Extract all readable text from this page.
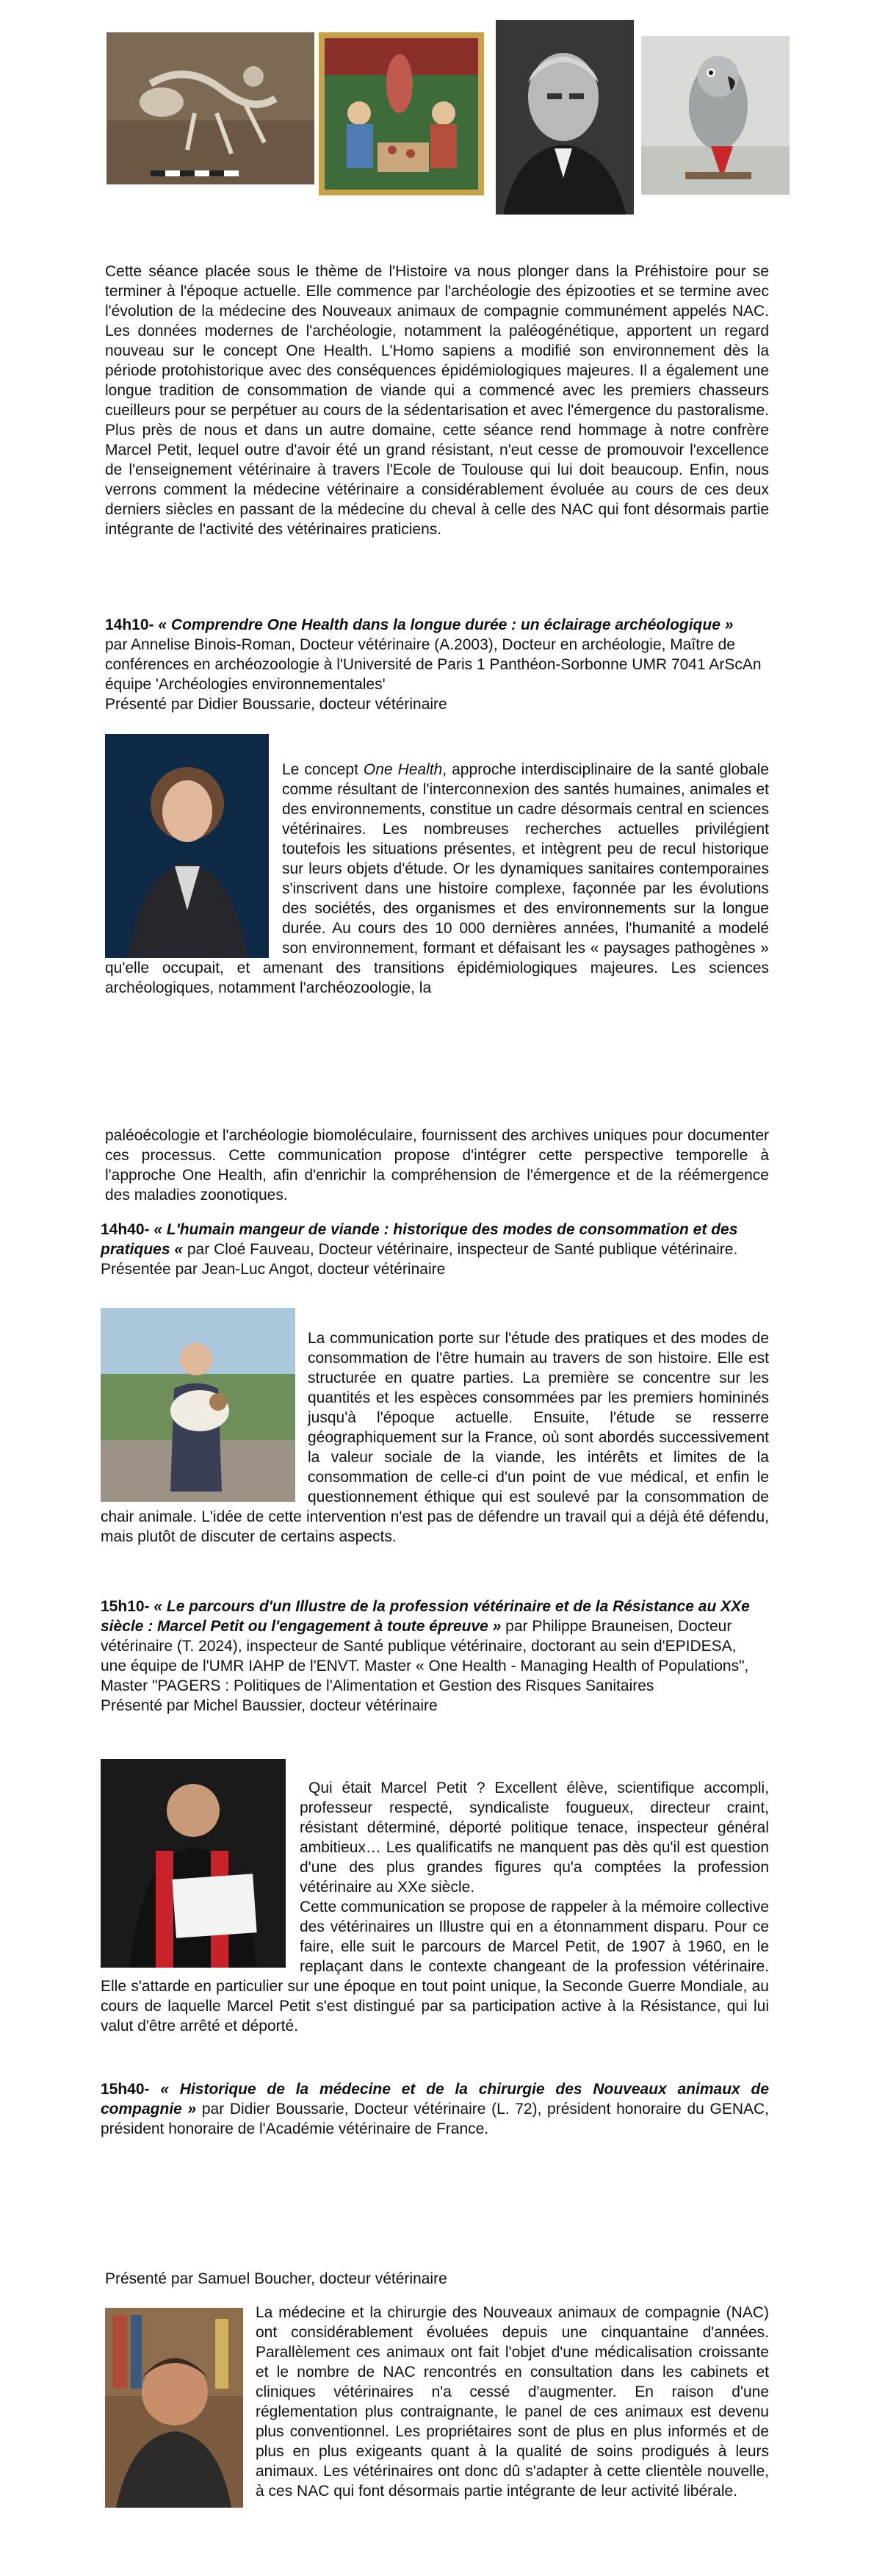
Cette séance placée sous le thème de l'Histoire va nous plonger dans la Préhistoire pour se terminer à l'époque actuelle. Elle commence par l'archéologie des épizooties et se termine avec l'évolution de la médecine des Nouveaux animaux de compagnie communément appelés NAC. Les données modernes de l'archéologie, notamment la paléogénétique, apportent un regard nouveau sur le concept One Health. L'Homo sapiens a modifié son environnement dès la période protohistorique avec des conséquences épidémiologiques majeures. Il a également une longue tradition de consommation de viande qui a commencé avec les premiers chasseurs cueilleurs pour se perpétuer au cours de la sédentarisation et avec l'émergence du pastoralisme. Plus près de nous et dans un autre domaine, cette séance rend hommage à notre confrère Marcel Petit, lequel outre d'avoir été un grand résistant, n'eut cesse de promouvoir l'excellence de l'enseignement vétérinaire à travers l'Ecole de Toulouse qui lui doit beaucoup. Enfin, nous verrons comment la médecine vétérinaire a considérablement évoluée au cours de ces deux derniers siècles en passant de la médecine du cheval à celle des NAC qui font désormais partie intégrante de l'activité des vétérinaires praticiens.

14h10- « Comprendre One Health dans la longue durée : un éclairage archéologique »
par Annelise Binois-Roman, Docteur vétérinaire (A.2003), Docteur en archéologie, Maître de conférences en archéozoologie à l'Université de Paris 1 Panthéon-Sorbonne UMR 7041 ArScAn équipe 'Archéologies environnementales'
Présenté par Didier Boussarie, docteur vétérinaire

Le concept One Health, approche interdisciplinaire de la santé globale comme résultant de l'interconnexion des santés humaines, animales et des environnements, constitue un cadre désormais central en sciences vétérinaires. Les nombreuses recherches actuelles privilégient toutefois les situations présentes, et intègrent peu de recul historique sur leurs objets d'étude. Or les dynamiques sanitaires contemporaines s'inscrivent dans une histoire complexe, façonnée par les évolutions des sociétés, des organismes et des environnements sur la longue durée. Au cours des 10 000 dernières années, l'humanité a modelé son environnement, formant et défaisant les « paysages pathogènes » qu'elle occupait, et amenant des transitions épidémiologiques majeures. Les sciences archéologiques, notamment l'archéozoologie, la

paléoécologie et l'archéologie biomoléculaire, fournissent des archives uniques pour documenter ces processus. Cette communication propose d'intégrer cette perspective temporelle à l'approche One Health, afin d'enrichir la compréhension de l'émergence et de la réémergence des maladies zoonotiques.

14h40- « L'humain mangeur de viande : historique des modes de consommation et des pratiques « par Cloé Fauveau, Docteur vétérinaire, inspecteur de Santé publique vétérinaire.
Présentée par Jean-Luc Angot, docteur vétérinaire

La communication porte sur l'étude des pratiques et des modes de consommation de l'être humain au travers de son histoire. Elle est structurée en quatre parties. La première se concentre sur les quantités et les espèces consommées par les premiers homininés jusqu'à l'époque actuelle. Ensuite, l'étude se resserre géographiquement sur la France, où sont abordés successivement la valeur sociale de la viande, les intérêts et limites de la consommation de celle-ci d'un point de vue médical, et enfin le questionnement éthique qui est soulevé par la consommation de chair animale. L'idée de cette intervention n'est pas de défendre un travail qui a déjà été défendu, mais plutôt de discuter de certains aspects.

15h10- « Le parcours d'un Illustre de la profession vétérinaire et de la Résistance au XXe siècle : Marcel Petit ou l'engagement à toute épreuve » par Philippe Brauneisen, Docteur vétérinaire (T. 2024), inspecteur de Santé publique vétérinaire, doctorant au sein d'EPIDESA, une équipe de l'UMR IAHP de l'ENVT. Master « One Health - Managing Health of Populations", Master "PAGERS : Politiques de l'Alimentation et Gestion des Risques Sanitaires
Présenté par Michel Baussier, docteur vétérinaire

Qui était Marcel Petit ? Excellent élève, scientifique accompli, professeur respecté, syndicaliste fougueux, directeur craint, résistant déterminé, déporté politique tenace, inspecteur général ambitieux… Les qualificatifs ne manquent pas dès qu'il est question d'une des plus grandes figures qu'a comptées la profession vétérinaire au XXe siècle.

Cette communication se propose de rappeler à la mémoire collective des vétérinaires un Illustre qui en a étonnamment disparu. Pour ce faire, elle suit le parcours de Marcel Petit, de 1907 à 1960, en le replaçant dans le contexte changeant de la profession vétérinaire. Elle s'attarde en particulier sur une époque en tout point unique, la Seconde Guerre Mondiale, au cours de laquelle Marcel Petit s'est distingué par sa participation active à la Résistance, qui lui valut d'être arrêté et déporté.

15h40- « Historique de la médecine et de la chirurgie des Nouveaux animaux de compagnie » par Didier Boussarie, Docteur vétérinaire (L. 72), président honoraire du GENAC, président honoraire de l'Académie vétérinaire de France.
Présenté par Samuel Boucher, docteur vétérinaire

La médecine et la chirurgie des Nouveaux animaux de compagnie (NAC) ont considérablement évoluées depuis une cinquantaine d'années. Parallèlement ces animaux ont fait l'objet d'une médicalisation croissante et le nombre de NAC rencontrés en consultation dans les cabinets et cliniques vétérinaires n'a cessé d'augmenter. En raison d'une réglementation plus contraignante, le panel de ces animaux est devenu plus conventionnel. Les propriétaires sont de plus en plus informés et de plus en plus exigeants quant à la qualité de soins prodigués à leurs animaux. Les vétérinaires ont donc dû s'adapter à cette clientèle nouvelle, à ces NAC qui font désormais partie intégrante de leur activité libérale.
